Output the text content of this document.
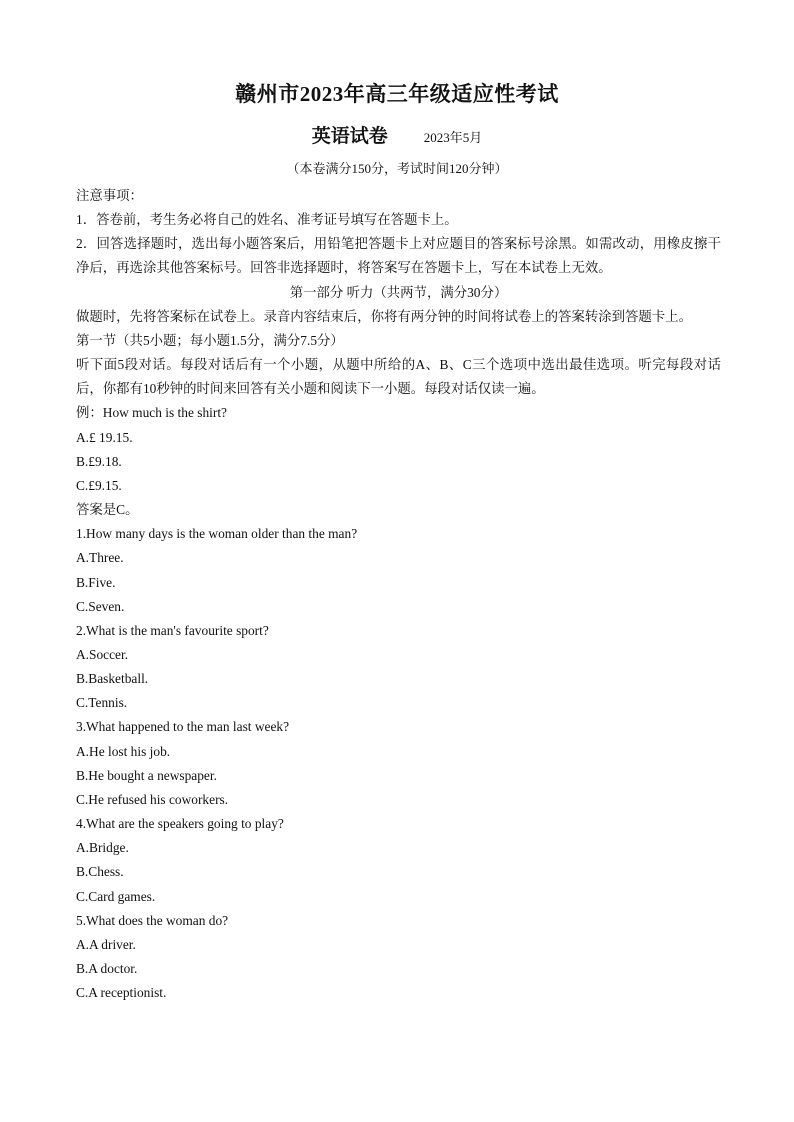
赣州市2023年高三年级适应性考试
英语试卷	2023年5月
（本卷满分150分，考试时间120分钟）

注意事项：

1．答卷前，考生务必将自己的姓名、准考证号填写在答题卡上。

2．回答选择题时，选出每小题答案后，用铅笔把答题卡上对应题目的答案标号涂黑。如需改动，用橡皮擦干净后，再选涂其他答案标号。回答非选择题时，将答案写在答题卡上，写在本试卷上无效。

第一部分 听力（共两节，满分30分）

做题时，先将答案标在试卷上。录音内容结束后，你将有两分钟的时间将试卷上的答案转涂到答题卡上。

第一节（共5小题；每小题1.5分，满分7.5分）

听下面5段对话。每段对话后有一个小题，从题中所给的A、B、C三个选项中选出最佳选项。听完每段对话后，你都有10秒钟的时间来回答有关小题和阅读下一小题。每段对话仅读一遍。

例：How much is the shirt?

A.£ 19.15.

B.£9.18.

C.£9.15.

答案是C。

1.How many days is the woman older than the man?

A.Three.

B.Five.

C.Seven.

2.What is the man's favourite sport?

A.Soccer.

B.Basketball.

C.Tennis.

3.What happened to the man last week?

A.He lost his job.

B.He bought a newspaper.

C.He refused his coworkers.

4.What are the speakers going to play?

A.Bridge.

B.Chess.

C.Card games.

5.What does the woman do?

A.A driver.

B.A doctor.

C.A receptionist.
